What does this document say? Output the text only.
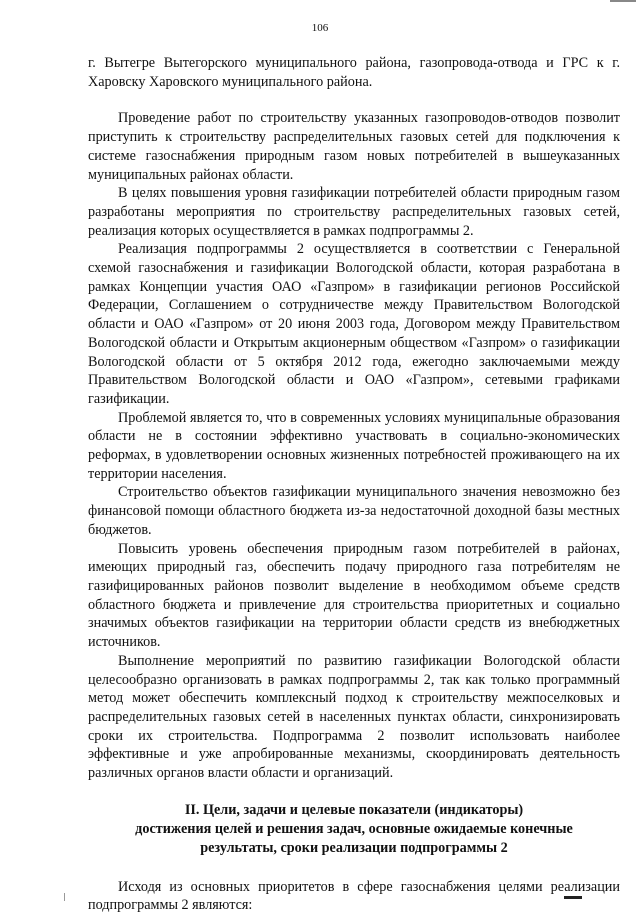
106

г. Вытегре Вытегорского муниципального района, газопровода-отвода и ГРС к г. Харовску Харовского муниципального района.

Проведение работ по строительству указанных газопроводов-отводов позволит приступить к строительству распределительных газовых сетей для подключения к системе газоснабжения природным газом новых потребителей в вышеуказанных муниципальных районах области.

В целях повышения уровня газификации потребителей области природным газом разработаны мероприятия по строительству распределительных газовых сетей, реализация которых осуществляется в рамках подпрограммы 2.

Реализация подпрограммы 2 осуществляется в соответствии с Генеральной схемой газоснабжения и газификации Вологодской области, которая разработана в рамках Концепции участия ОАО «Газпром» в газификации регионов Российской Федерации, Соглашением о сотрудничестве между Правительством Вологодской области и ОАО «Газпром» от 20 июня 2003 года, Договором между Правительством Вологодской области и Открытым акционерным обществом «Газпром» о газификации Вологодской области от 5 октября 2012 года, ежегодно заключаемыми между Правительством Вологодской области и ОАО «Газпром», сетевыми графиками газификации.

Проблемой является то, что в современных условиях муниципальные образования области не в состоянии эффективно участвовать в социально-экономических реформах, в удовлетворении основных жизненных потребностей проживающего на их территории населения.

Строительство объектов газификации муниципального значения невозможно без финансовой помощи областного бюджета из-за недостаточной доходной базы местных бюджетов.

Повысить уровень обеспечения природным газом потребителей в районах, имеющих природный газ, обеспечить подачу природного газа потребителям не газифицированных районов позволит выделение в необходимом объеме средств областного бюджета и привлечение для строительства приоритетных и социально значимых объектов газификации на территории области средств из внебюджетных источников.

Выполнение мероприятий по развитию газификации Вологодской области целесообразно организовать в рамках подпрограммы 2, так как только программный метод может обеспечить комплексный подход к строительству межпоселковых и распределительных газовых сетей в населенных пунктах области, синхронизировать сроки их строительства. Подпрограмма 2 позволит использовать наиболее эффективные и уже апробированные механизмы, скоординировать деятельность различных органов власти области и организаций.

II. Цели, задачи и целевые показатели (индикаторы)
достижения целей и решения задач, основные ожидаемые конечные
результаты, сроки реализации подпрограммы 2

Исходя из основных приоритетов в сфере газоснабжения целями реализации подпрограммы 2 являются:
